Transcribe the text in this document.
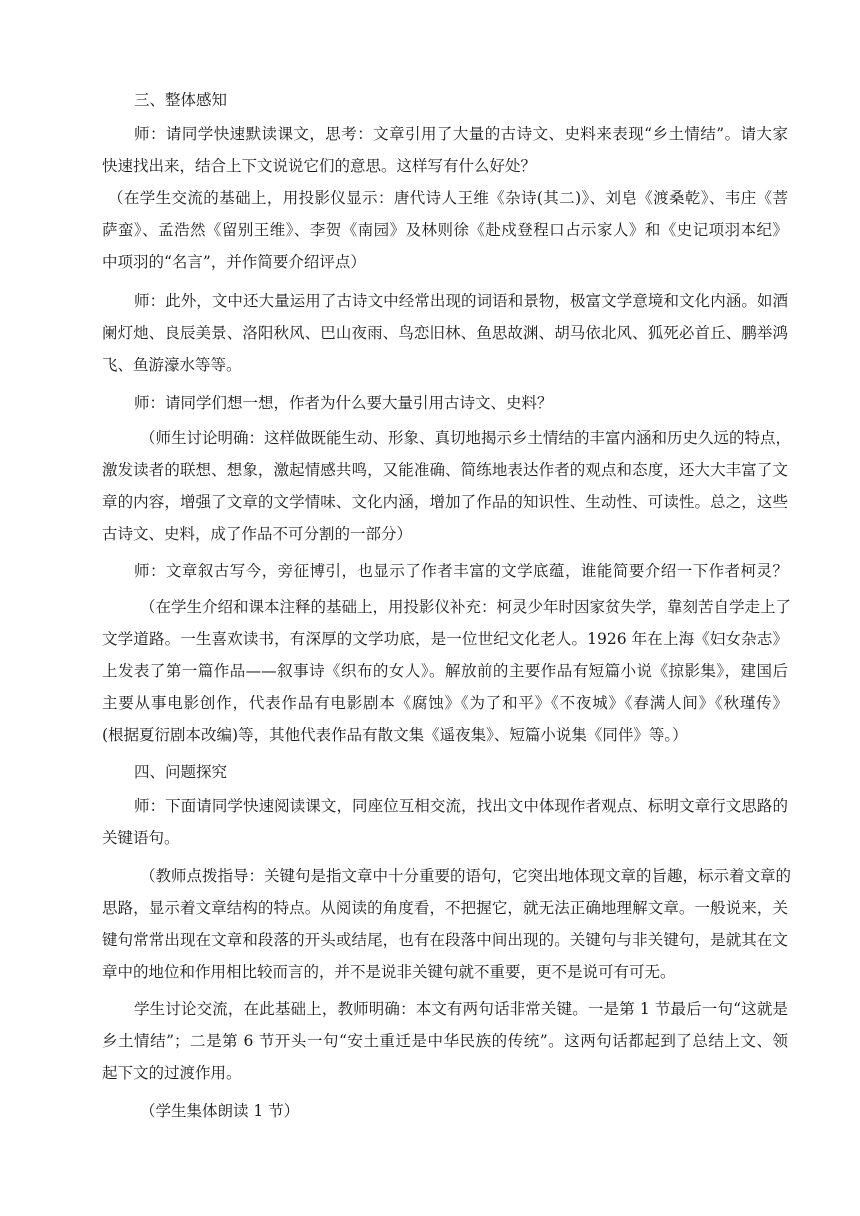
三、整体感知
师：请同学快速默读课文，思考：文章引用了大量的古诗文、史料来表现“乡土情结”。请大家
快速找出来，结合上下文说说它们的意思。这样写有什么好处？
（在学生交流的基础上，用投影仪显示：唐代诗人王维《杂诗(其二)》、刘皂《渡桑乾》、韦庄《菩
萨蛮》、孟浩然《留别王维》、李贺《南园》及林则徐《赴戍登程口占示家人》和《史记项羽本纪》
中项羽的“名言”，并作简要介绍评点）
师：此外，文中还大量运用了古诗文中经常出现的词语和景物，极富文学意境和文化内涵。如酒
阑灯灺、良辰美景、洛阳秋风、巴山夜雨、鸟恋旧林、鱼思故渊、胡马依北风、狐死必首丘、鹏举鸿
飞、鱼游濠水等等。
师：请同学们想一想，作者为什么要大量引用古诗文、史料？
（师生讨论明确：这样做既能生动、形象、真切地揭示乡土情结的丰富内涵和历史久远的特点，
激发读者的联想、想象，激起情感共鸣，又能准确、简练地表达作者的观点和态度，还大大丰富了文
章的内容，增强了文章的文学情味、文化内涵，增加了作品的知识性、生动性、可读性。总之，这些
古诗文、史料，成了作品不可分割的一部分）
师：文章叙古写今，旁征博引，也显示了作者丰富的文学底蕴，谁能简要介绍一下作者柯灵？
（在学生介绍和课本注释的基础上，用投影仪补充：柯灵少年时因家贫失学，靠刻苦自学走上了
文学道路。一生喜欢读书，有深厚的文学功底，是一位世纪文化老人。1926 年在上海《妇女杂志》
上发表了第一篇作品——叙事诗《织布的女人》。解放前的主要作品有短篇小说《掠影集》，建国后
主要从事电影创作，代表作品有电影剧本《腐蚀》《为了和平》《不夜城》《春满人间》《秋瑾传》
(根据夏衍剧本改编)等，其他代表作品有散文集《遥夜集》、短篇小说集《同伴》等。）
四、问题探究
师：下面请同学快速阅读课文，同座位互相交流，找出文中体现作者观点、标明文章行文思路的
关键语句。
（教师点拨指导：关键句是指文章中十分重要的语句，它突出地体现文章的旨趣，标示着文章的
思路，显示着文章结构的特点。从阅读的角度看，不把握它，就无法正确地理解文章。一般说来，关
键句常常出现在文章和段落的开头或结尾，也有在段落中间出现的。关键句与非关键句，是就其在文
章中的地位和作用相比较而言的，并不是说非关键句就不重要，更不是说可有可无。
学生讨论交流，在此基础上，教师明确：本文有两句话非常关键。一是第 1 节最后一句“这就是
乡土情结”；二是第 6 节开头一句“安土重迁是中华民族的传统”。这两句话都起到了总结上文、领
起下文的过渡作用。
（学生集体朗读 1 节）
